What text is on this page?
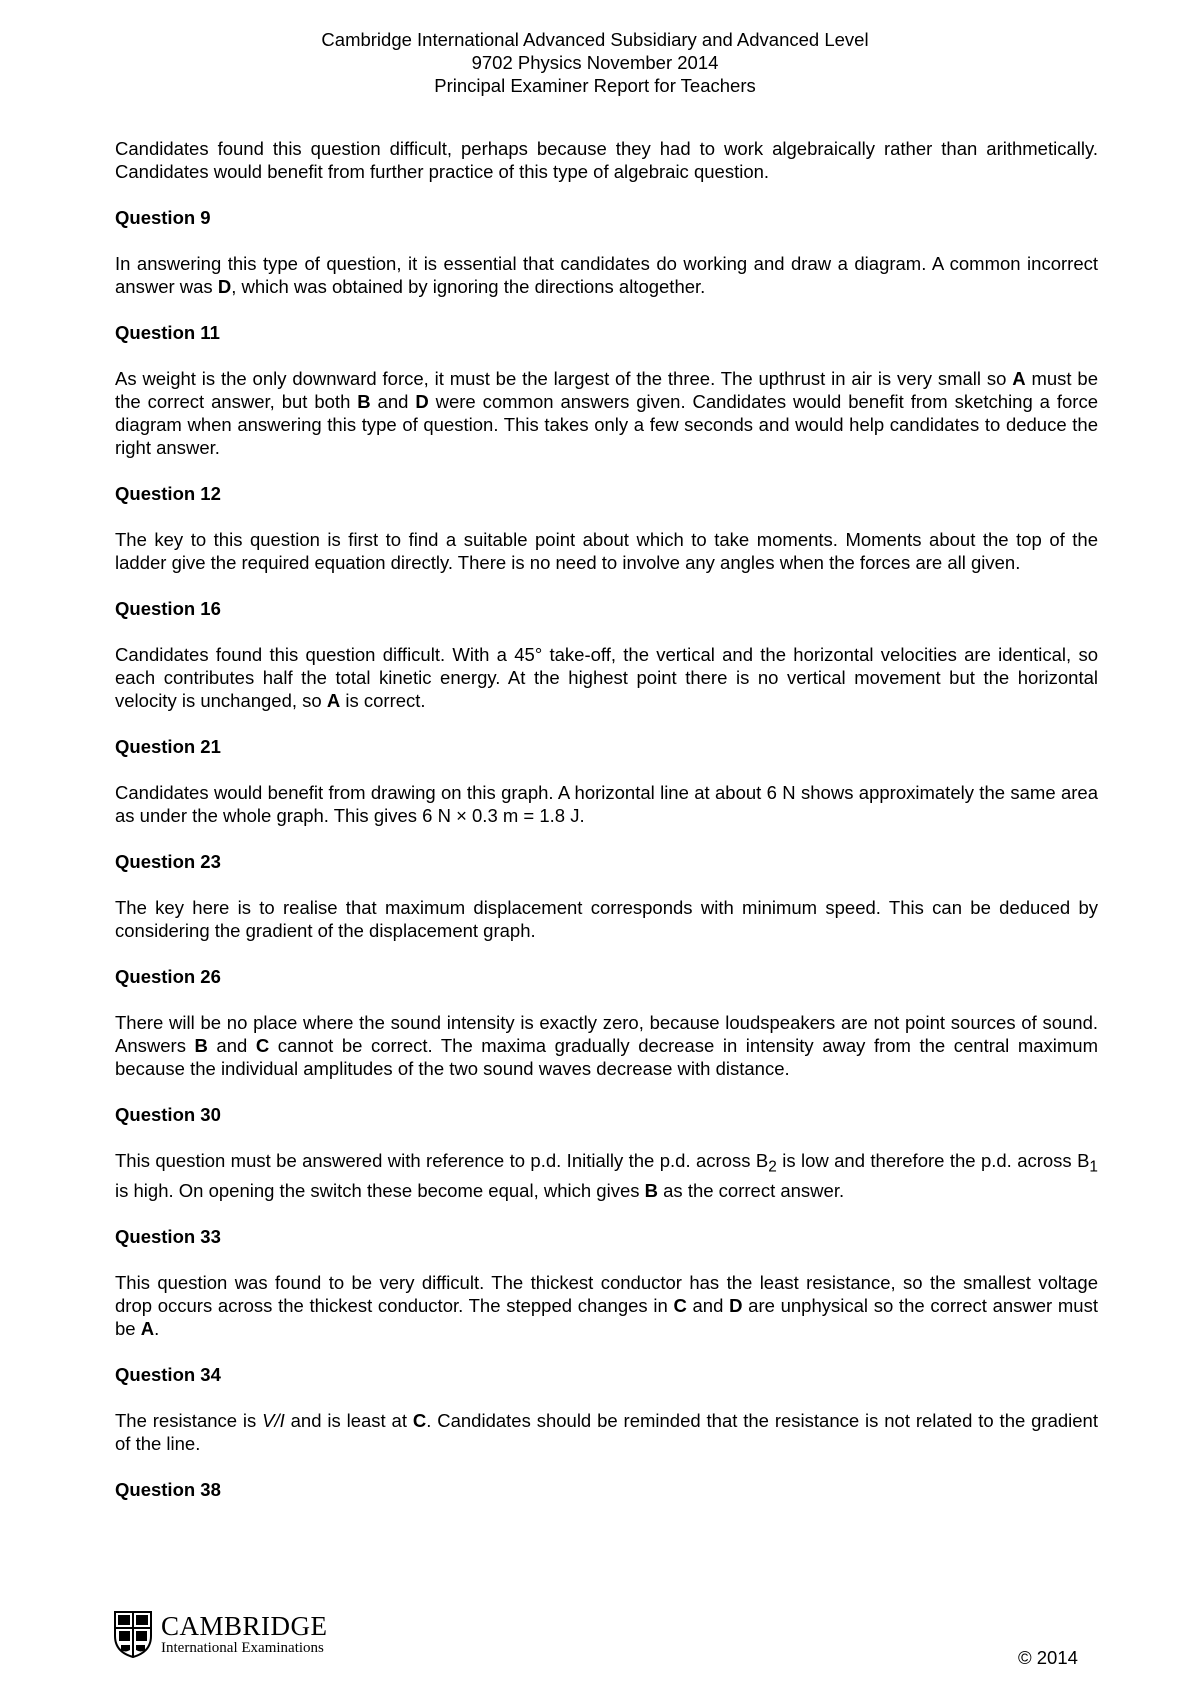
Cambridge International Advanced Subsidiary and Advanced Level
9702 Physics November 2014
Principal Examiner Report for Teachers

Candidates found this question difficult, perhaps because they had to work algebraically rather than arithmetically. Candidates would benefit from further practice of this type of algebraic question.

Question 9

In answering this type of question, it is essential that candidates do working and draw a diagram. A common incorrect answer was D, which was obtained by ignoring the directions altogether.

Question 11

As weight is the only downward force, it must be the largest of the three. The upthrust in air is very small so A must be the correct answer, but both B and D were common answers given. Candidates would benefit from sketching a force diagram when answering this type of question. This takes only a few seconds and would help candidates to deduce the right answer.

Question 12

The key to this question is first to find a suitable point about which to take moments. Moments about the top of the ladder give the required equation directly. There is no need to involve any angles when the forces are all given.

Question 16

Candidates found this question difficult. With a 45° take-off, the vertical and the horizontal velocities are identical, so each contributes half the total kinetic energy. At the highest point there is no vertical movement but the horizontal velocity is unchanged, so A is correct.

Question 21

Candidates would benefit from drawing on this graph. A horizontal line at about 6 N shows approximately the same area as under the whole graph. This gives 6 N × 0.3 m = 1.8 J.

Question 23

The key here is to realise that maximum displacement corresponds with minimum speed. This can be deduced by considering the gradient of the displacement graph.

Question 26

There will be no place where the sound intensity is exactly zero, because loudspeakers are not point sources of sound. Answers B and C cannot be correct. The maxima gradually decrease in intensity away from the central maximum because the individual amplitudes of the two sound waves decrease with distance.

Question 30

This question must be answered with reference to p.d. Initially the p.d. across $B_2$ is low and therefore the p.d. across $B_1$ is high. On opening the switch these become equal, which gives B as the correct answer.

Question 33

This question was found to be very difficult. The thickest conductor has the least resistance, so the smallest voltage drop occurs across the thickest conductor. The stepped changes in C and D are unphysical so the correct answer must be A.

Question 34

The resistance is V/I and is least at C. Candidates should be reminded that the resistance is not related to the gradient of the line.

Question 38
CAMBRIDGE
International Examinations	© 2014
